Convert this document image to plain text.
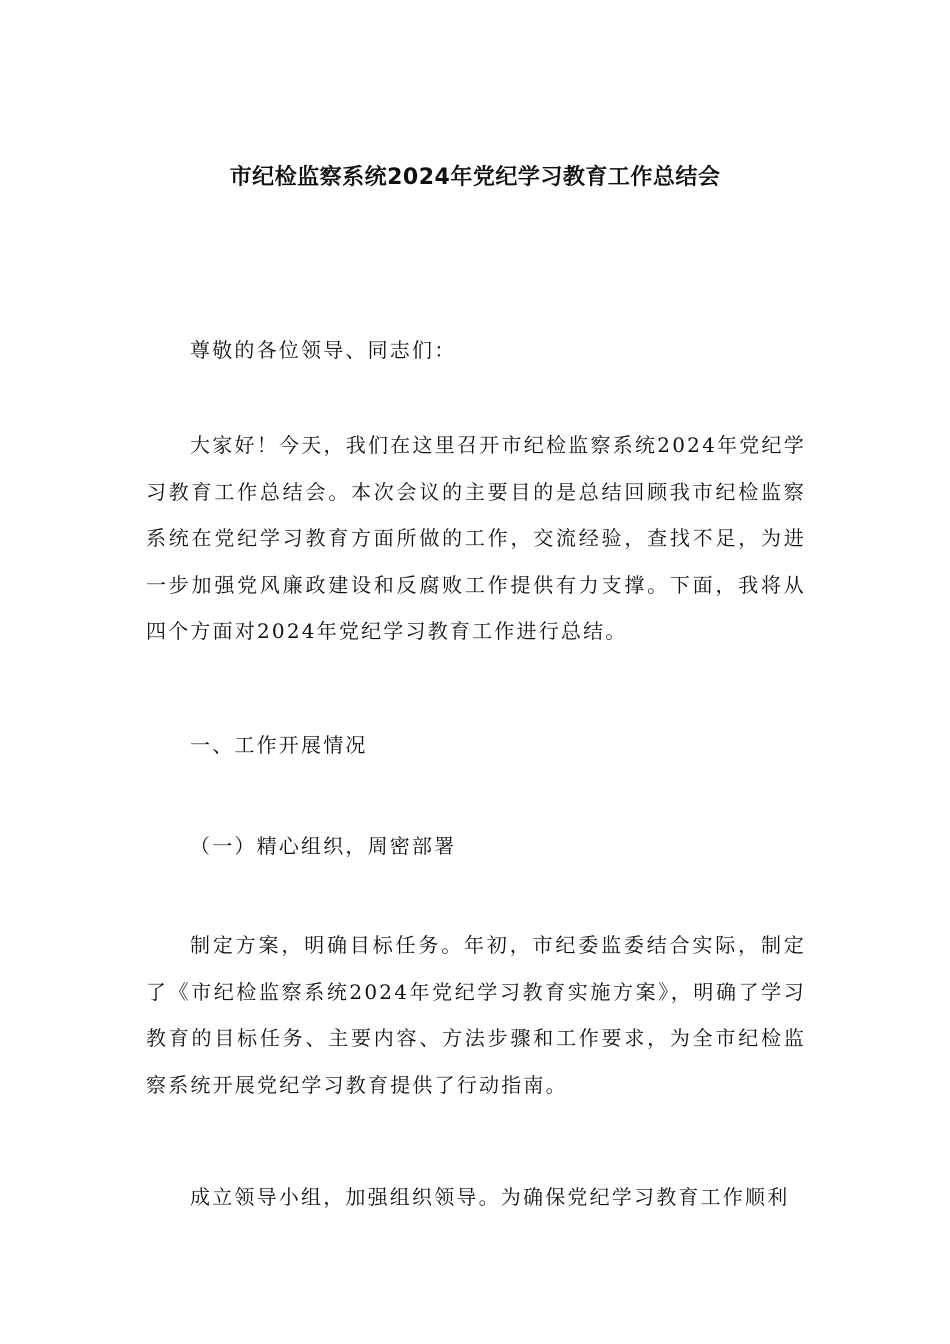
市纪检监察系统2024年党纪学习教育工作总结会

尊敬的各位领导、同志们：

大家好！今天，我们在这里召开市纪检监察系统2024年党纪学习教育工作总结会。本次会议的主要目的是总结回顾我市纪检监察系统在党纪学习教育方面所做的工作，交流经验，查找不足，为进一步加强党风廉政建设和反腐败工作提供有力支撑。下面，我将从四个方面对2024年党纪学习教育工作进行总结。

一、工作开展情况

（一）精心组织，周密部署

制定方案，明确目标任务。年初，市纪委监委结合实际，制定了《市纪检监察系统2024年党纪学习教育实施方案》，明确了学习教育的目标任务、主要内容、方法步骤和工作要求，为全市纪检监察系统开展党纪学习教育提供了行动指南。

成立领导小组，加强组织领导。为确保党纪学习教育工作顺利
